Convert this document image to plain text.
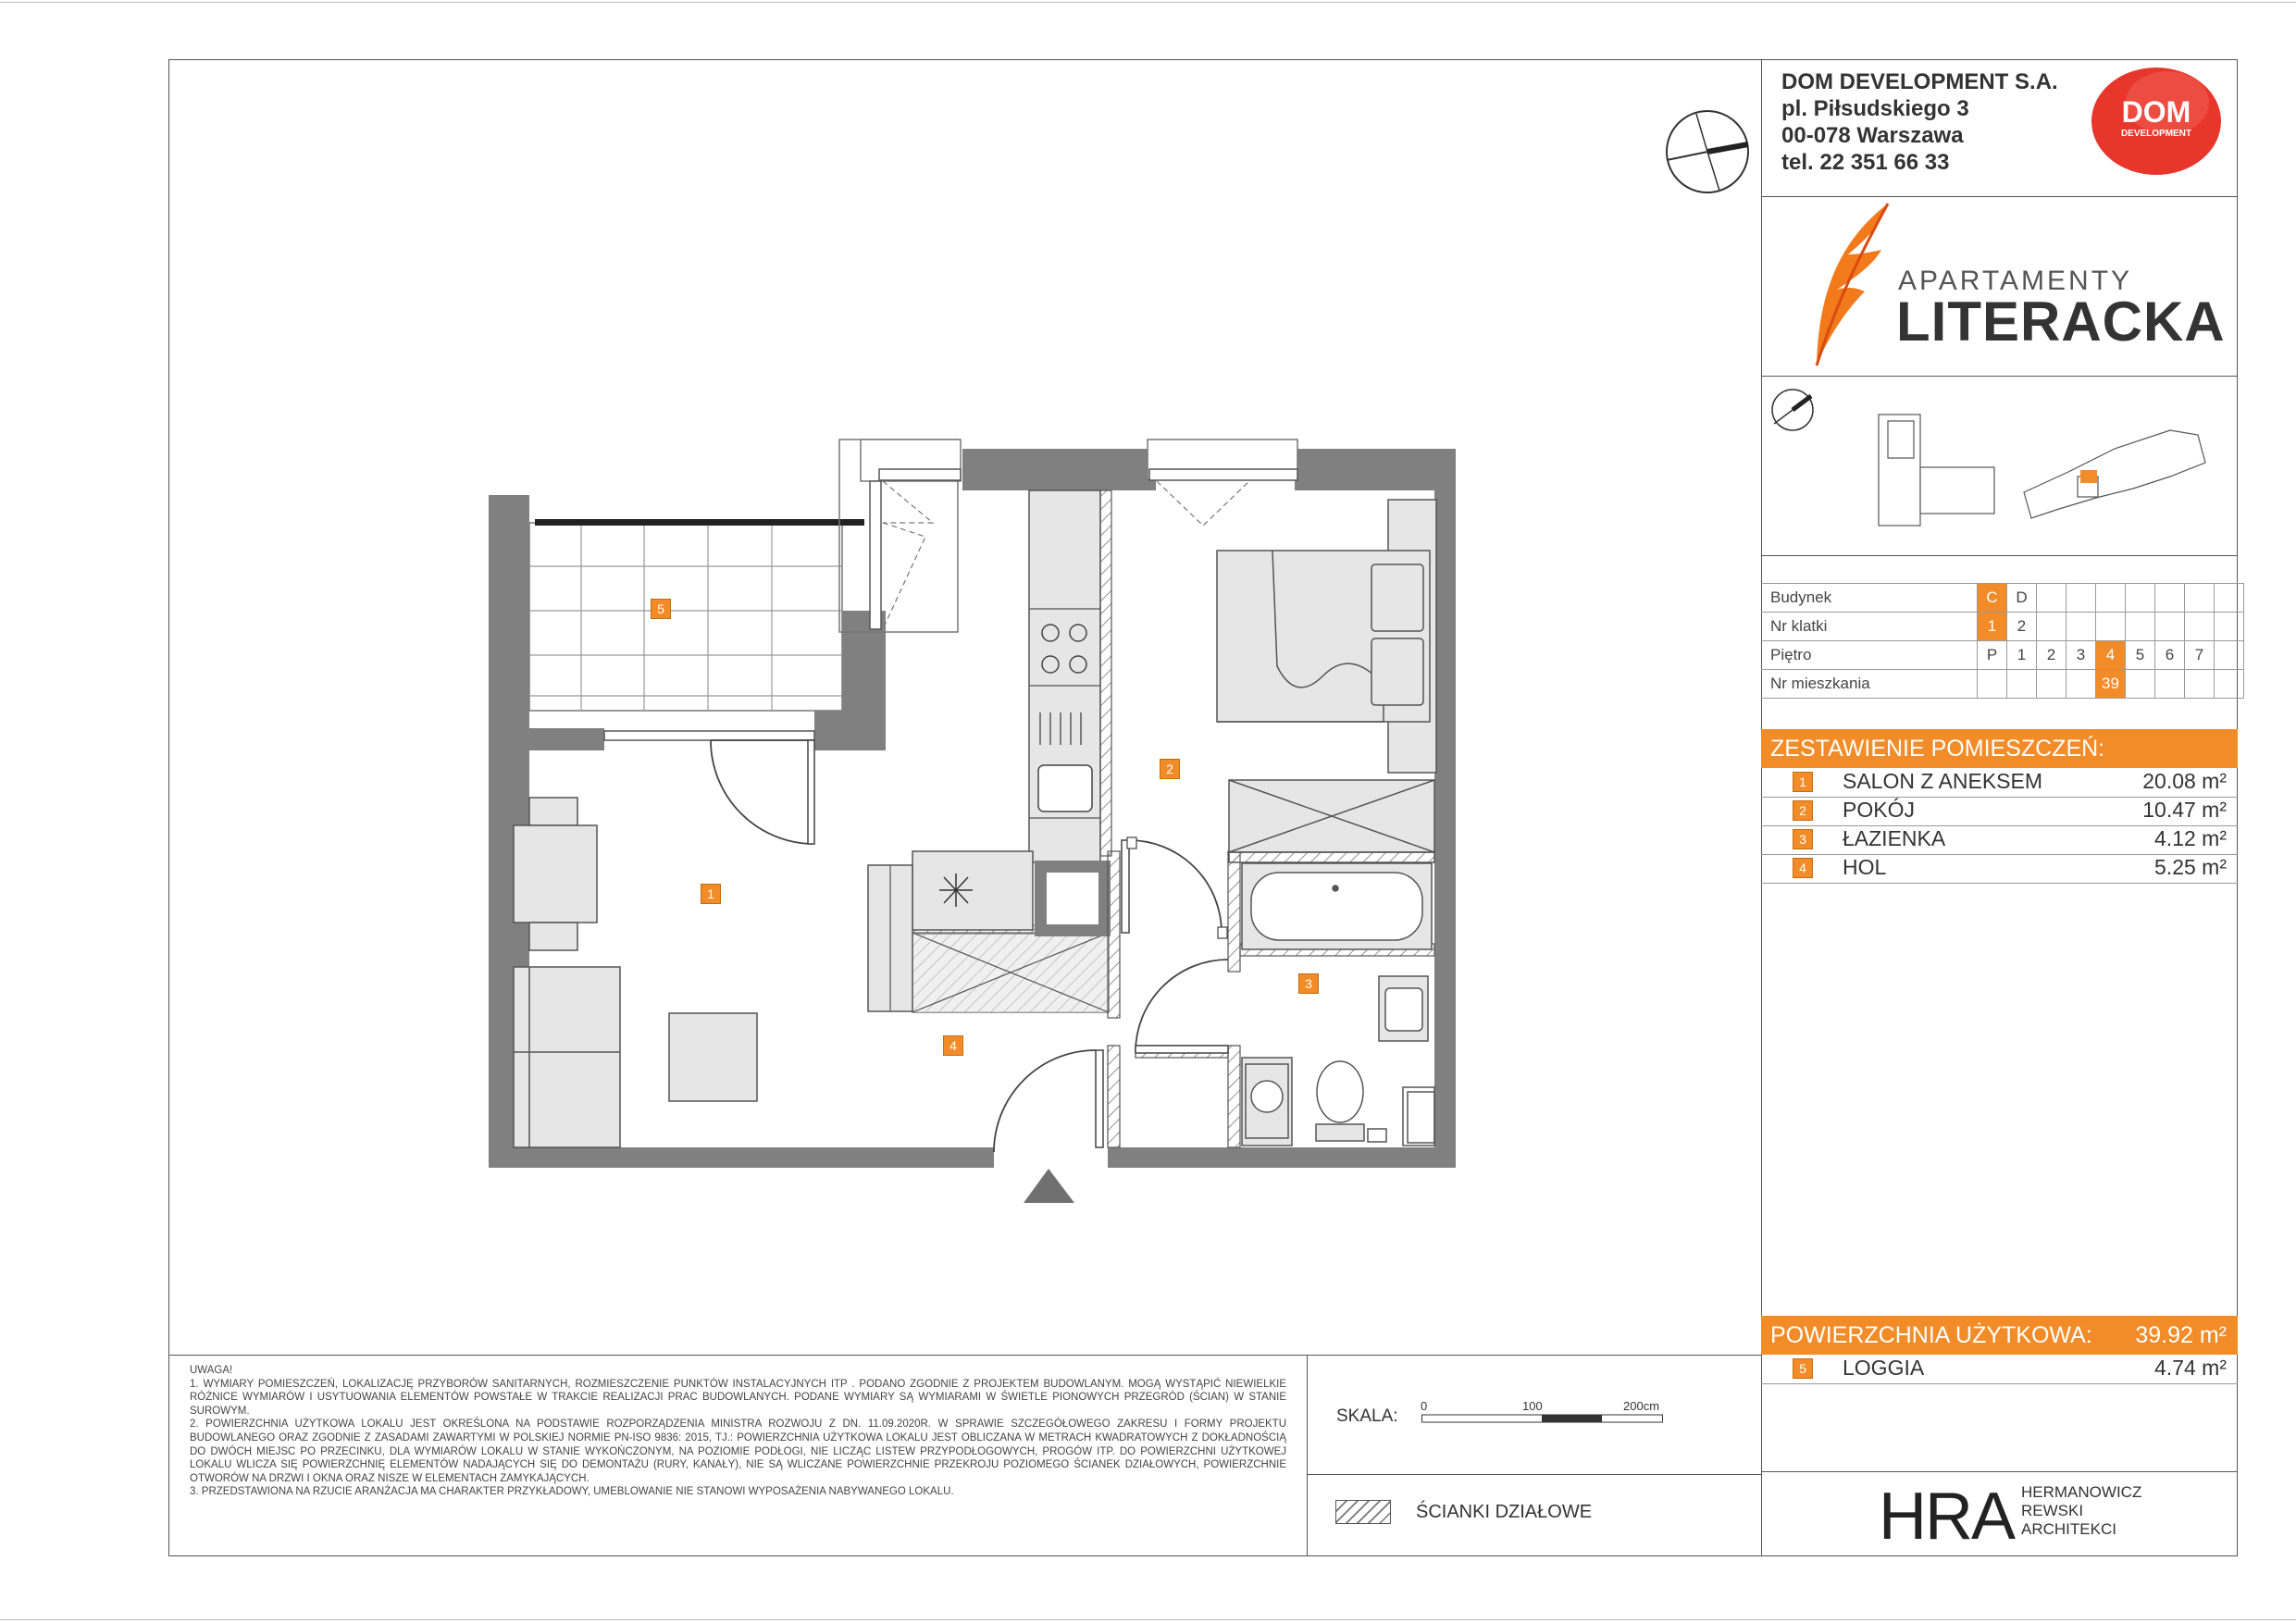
5
2
1
3
4
DOM DEVELOPMENT S.A.
pl. Piłsudskiego 3
00-078 Warszawa
tel. 22 351 66 33
DOM
DEVELOPMENT
APARTAMENTY
LITERACKA
Budynek	C	D							
Nr klatki	1	2							
Piętro	P	1	2	3	4	5	6	7	
Nr mieszkania					39				
ZESTAWIENIE POMIESZCZEŃ:
1	SALON Z ANEKSEM	20.08 m²
2	POKÓJ	10.47 m²
3	ŁAZIENKA	4.12 m²
4	HOL	5.25 m²
POWIERZCHNIA UŻYTKOWA: 39.92 m²
5	LOGGIA	4.74 m²

UWAGA!

1. WYMIARY POMIESZCZEŃ, LOKALIZACJĘ PRZYBORÓW SANITARNYCH, ROZMIESZCZENIE PUNKTÓW INSTALACYJNYCH ITP . PODANO ZGODNIE Z PROJEKTEM BUDOWLANYM. MOGĄ WYSTĄPIĆ NIEWIELKIE RÓŻNICE WYMIARÓW I USYTUOWANIA ELEMENTÓW POWSTAŁE W TRAKCIE REALIZACJI PRAC BUDOWLANYCH. PODANE WYMIARY SĄ WYMIARAMI W ŚWIETLE PIONOWYCH PRZEGRÓD (ŚCIAN) W STANIE SUROWYM.

2. POWIERZCHNIA UŻYTKOWA LOKALU JEST OKREŚLONA NA PODSTAWIE ROZPORZĄDZENIA MINISTRA ROZWOJU Z DN. 11.09.2020R. W SPRAWIE SZCZEGÓŁOWEGO ZAKRESU I FORMY PROJEKTU BUDOWLANEGO ORAZ ZGODNIE Z ZASADAMI ZAWARTYMI W POLSKIEJ NORMIE PN-ISO 9836: 2015, TJ.: POWIERZCHNIA UŻYTKOWA LOKALU JEST OBLICZANA W METRACH KWADRATOWYCH Z DOKŁADNOŚCIĄ DO DWÓCH MIEJSC PO PRZECINKU, DLA WYMIARÓW LOKALU W STANIE WYKOŃCZONYM, NA POZIOMIE PODŁOGI, NIE LICZĄC LISTEW PRZYPODŁOGOWYCH, PROGÓW ITP. DO POWIERZCHNI UŻYTKOWEJ LOKALU WLICZA SIĘ POWIERZCHNIĘ ELEMENTÓW NADAJĄCYCH SIĘ DO DEMONTAŻU (RURY, KANAŁY), NIE SĄ WLICZANE POWIERZCHNIE PRZEKROJU POZIOMEGO ŚCIANEK DZIAŁOWYCH, POWIERZCHNIE OTWORÓW NA DRZWI I OKNA ORAZ NISZE W ELEMENTACH ZAMYKAJĄCYCH.

3. PRZEDSTAWIONA NA RZUCIE ARANŻACJA MA CHARAKTER PRZYKŁADOWY, UMEBLOWANIE NIE STANOWI WYPOSAŻENIA NABYWANEGO LOKALU.

SKALA:
0	100	200cm
ŚCIANKI DZIAŁOWE	HRA HERMANOWICZ
REWSKI
ARCHITEKCI
